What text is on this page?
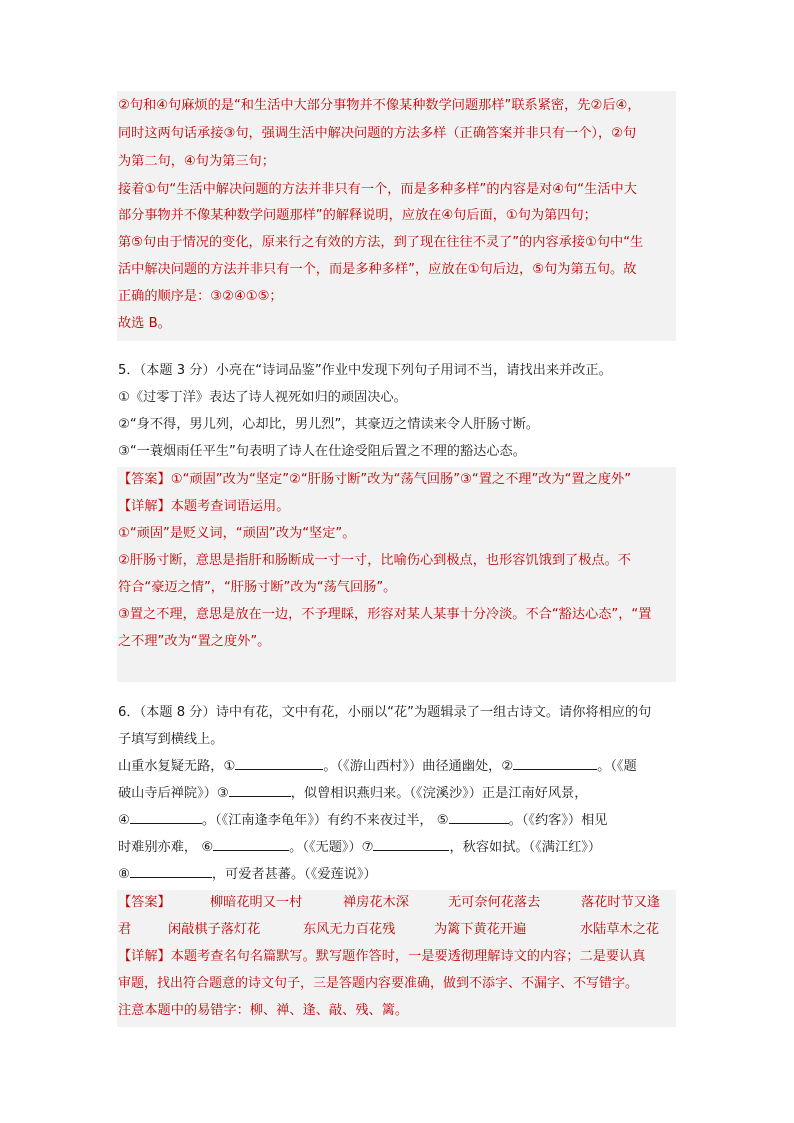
②句和④句麻烦的是“和生活中大部分事物并不像某种数学问题那样”联系紧密，先②后④，
同时这两句话承接③句，强调生活中解决问题的方法多样（正确答案并非只有一个），②句
为第二句，④句为第三句；
接着①句“生活中解决问题的方法并非只有一个，而是多种多样”的内容是对④句“生活中大
部分事物并不像某种数学问题那样”的解释说明，应放在④句后面，①句为第四句；
第⑤句由于情况的变化，原来行之有效的方法，到了现在往往不灵了”的内容承接①句中“生
活中解决问题的方法并非只有一个，而是多种多样”，应放在①句后边，⑤句为第五句。故
正确的顺序是：③②④①⑤；
故选 B。
5．（本题 3 分）小亮在“诗词品鉴”作业中发现下列句子用词不当，请找出来并改正。
①《过零丁洋》表达了诗人视死如归的顽固决心。
②“身不得，男儿列，心却比，男儿烈”，其豪迈之情读来令人肝肠寸断。
③“一蓑烟雨任平生”句表明了诗人在仕途受阻后置之不理的豁达心态。
【答案】①“顽固”改为“坚定”②“肝肠寸断”改为“荡气回肠”③“置之不理”改为“置之度外”
【详解】本题考查词语运用。
①“顽固”是贬义词，“顽固”改为“坚定”。
②肝肠寸断，意思是指肝和肠断成一寸一寸，比喻伤心到极点，也形容饥饿到了极点。不
符合“豪迈之情”，“肝肠寸断”改为“荡气回肠”。
③置之不理，意思是放在一边，不予理睬，形容对某人某事十分冷淡。不合“豁达心态”，“置
之不理”改为“置之度外”。
6．（本题 8 分）诗中有花，文中有花，小丽以“花”为题辑录了一组古诗文。请你将相应的句
子填写到横线上。
山重水复疑无路，①	。（《游山西村》）曲径通幽处，②	。（《题
破山寺后禅院》）③	，似曾相识燕归来。（《浣溪沙》）正是江南好风景，
④	。（《江南逢李龟年》）有约不来夜过半， ⑤	。（《约客》）相见
时难别亦难， ⑥	。（《无题》）⑦	，秋容如拭。（《满江红》）
⑧	，可爱者甚蕃。（《爱莲说》）
【答案】	柳暗花明又一村	禅房花木深	无可奈何花落去	落花时节又逢
君	闲敲棋子落灯花	东风无力百花残	为篱下黄花开遍	水陆草木之花
【详解】本题考查名句名篇默写。默写题作答时，一是要透彻理解诗文的内容；二是要认真
审题，找出符合题意的诗文句子，三是答题内容要准确，做到不添字、不漏字、不写错字。
注意本题中的易错字：柳、禅、逢、敲、残、篱。
